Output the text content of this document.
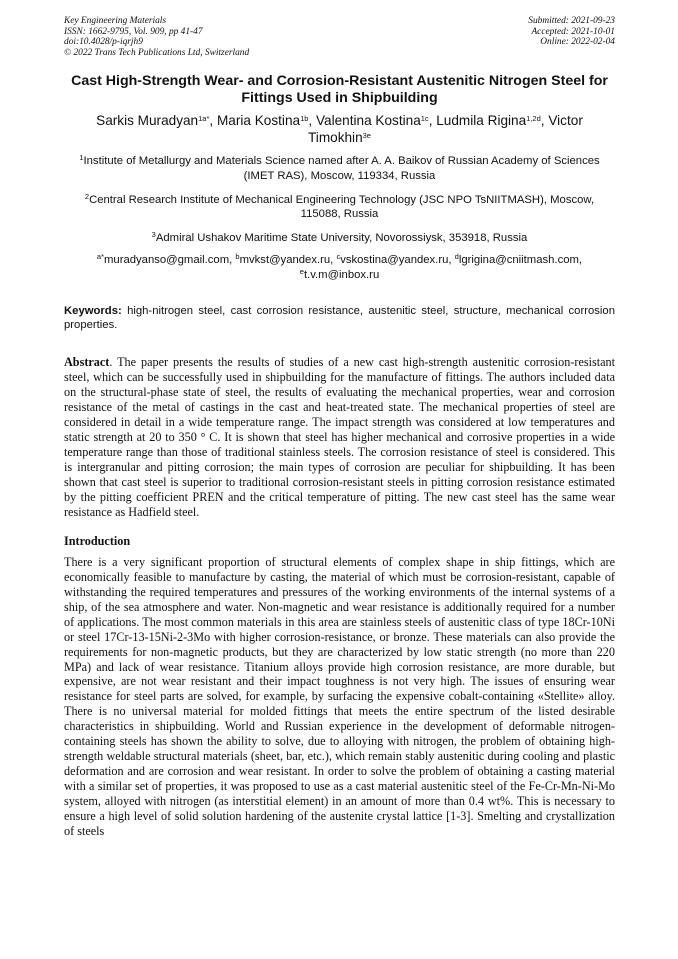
Key Engineering Materials
ISSN: 1662-9795, Vol. 909, pp 41-47
doi:10.4028/p-iqrjh9
© 2022 Trans Tech Publications Ltd, Switzerland
Submitted: 2021-09-23
Accepted: 2021-10-01
Online: 2022-02-04
Cast High-Strength Wear- and Corrosion-Resistant Austenitic Nitrogen Steel for Fittings Used in Shipbuilding
Sarkis Muradyan$^{1a*}$, Maria Kostina$^{1b}$, Valentina Kostina$^{1c}$, Ludmila Rigina$^{1,2d}$, Victor Timokhin$^{3e}$
$^1$Institute of Metallurgy and Materials Science named after A. A. Baikov of Russian Academy of Sciences (IMET RAS), Moscow, 119334, Russia
$^2$Central Research Institute of Mechanical Engineering Technology (JSC NPO TsNIITMASH), Moscow, 115088, Russia
$^3$Admiral Ushakov Maritime State University, Novorossiysk, 353918, Russia
$^{a*}$muradyanso@gmail.com, $^b$mvkst@yandex.ru, $^c$vskostina@yandex.ru, $^d$lgrigina@cniitmash.com, $^e$t.v.m@inbox.ru
Keywords: high-nitrogen steel, cast corrosion resistance, austenitic steel, structure, mechanical corrosion properties.
Abstract. The paper presents the results of studies of a new cast high-strength austenitic corrosion-resistant steel, which can be successfully used in shipbuilding for the manufacture of fittings. The authors included data on the structural-phase state of steel, the results of evaluating the mechanical properties, wear and corrosion resistance of the metal of castings in the cast and heat-treated state. The mechanical properties of steel are considered in detail in a wide temperature range. The impact strength was considered at low temperatures and static strength at 20 to 350 ° C. It is shown that steel has higher mechanical and corrosive properties in a wide temperature range than those of traditional stainless steels. The corrosion resistance of steel is considered. This is intergranular and pitting corrosion; the main types of corrosion are peculiar for shipbuilding. It has been shown that cast steel is superior to traditional corrosion-resistant steels in pitting corrosion resistance estimated by the pitting coefficient PREN and the critical temperature of pitting. The new cast steel has the same wear resistance as Hadfield steel.
Introduction
There is a very significant proportion of structural elements of complex shape in ship fittings, which are economically feasible to manufacture by casting, the material of which must be corrosion-resistant, capable of withstanding the required temperatures and pressures of the working environments of the internal systems of a ship, of the sea atmosphere and water. Non-magnetic and wear resistance is additionally required for a number of applications. The most common materials in this area are stainless steels of austenitic class of type 18Cr-10Ni or steel 17Cr-13-15Ni-2-3Mo with higher corrosion-resistance, or bronze. These materials can also provide the requirements for non-magnetic products, but they are characterized by low static strength (no more than 220 MPa) and lack of wear resistance. Titanium alloys provide high corrosion resistance, are more durable, but expensive, are not wear resistant and their impact toughness is not very high. The issues of ensuring wear resistance for steel parts are solved, for example, by surfacing the expensive cobalt-containing «Stellite» alloy. There is no universal material for molded fittings that meets the entire spectrum of the listed desirable characteristics in shipbuilding. World and Russian experience in the development of deformable nitrogen-containing steels has shown the ability to solve, due to alloying with nitrogen, the problem of obtaining high-strength weldable structural materials (sheet, bar, etc.), which remain stably austenitic during cooling and plastic deformation and are corrosion and wear resistant. In order to solve the problem of obtaining a casting material with a similar set of properties, it was proposed to use as a cast material austenitic steel of the Fe-Cr-Mn-Ni-Mo system, alloyed with nitrogen (as interstitial element) in an amount of more than 0.4 wt%. This is necessary to ensure a high level of solid solution hardening of the austenite crystal lattice [1-3]. Smelting and crystallization of steels
